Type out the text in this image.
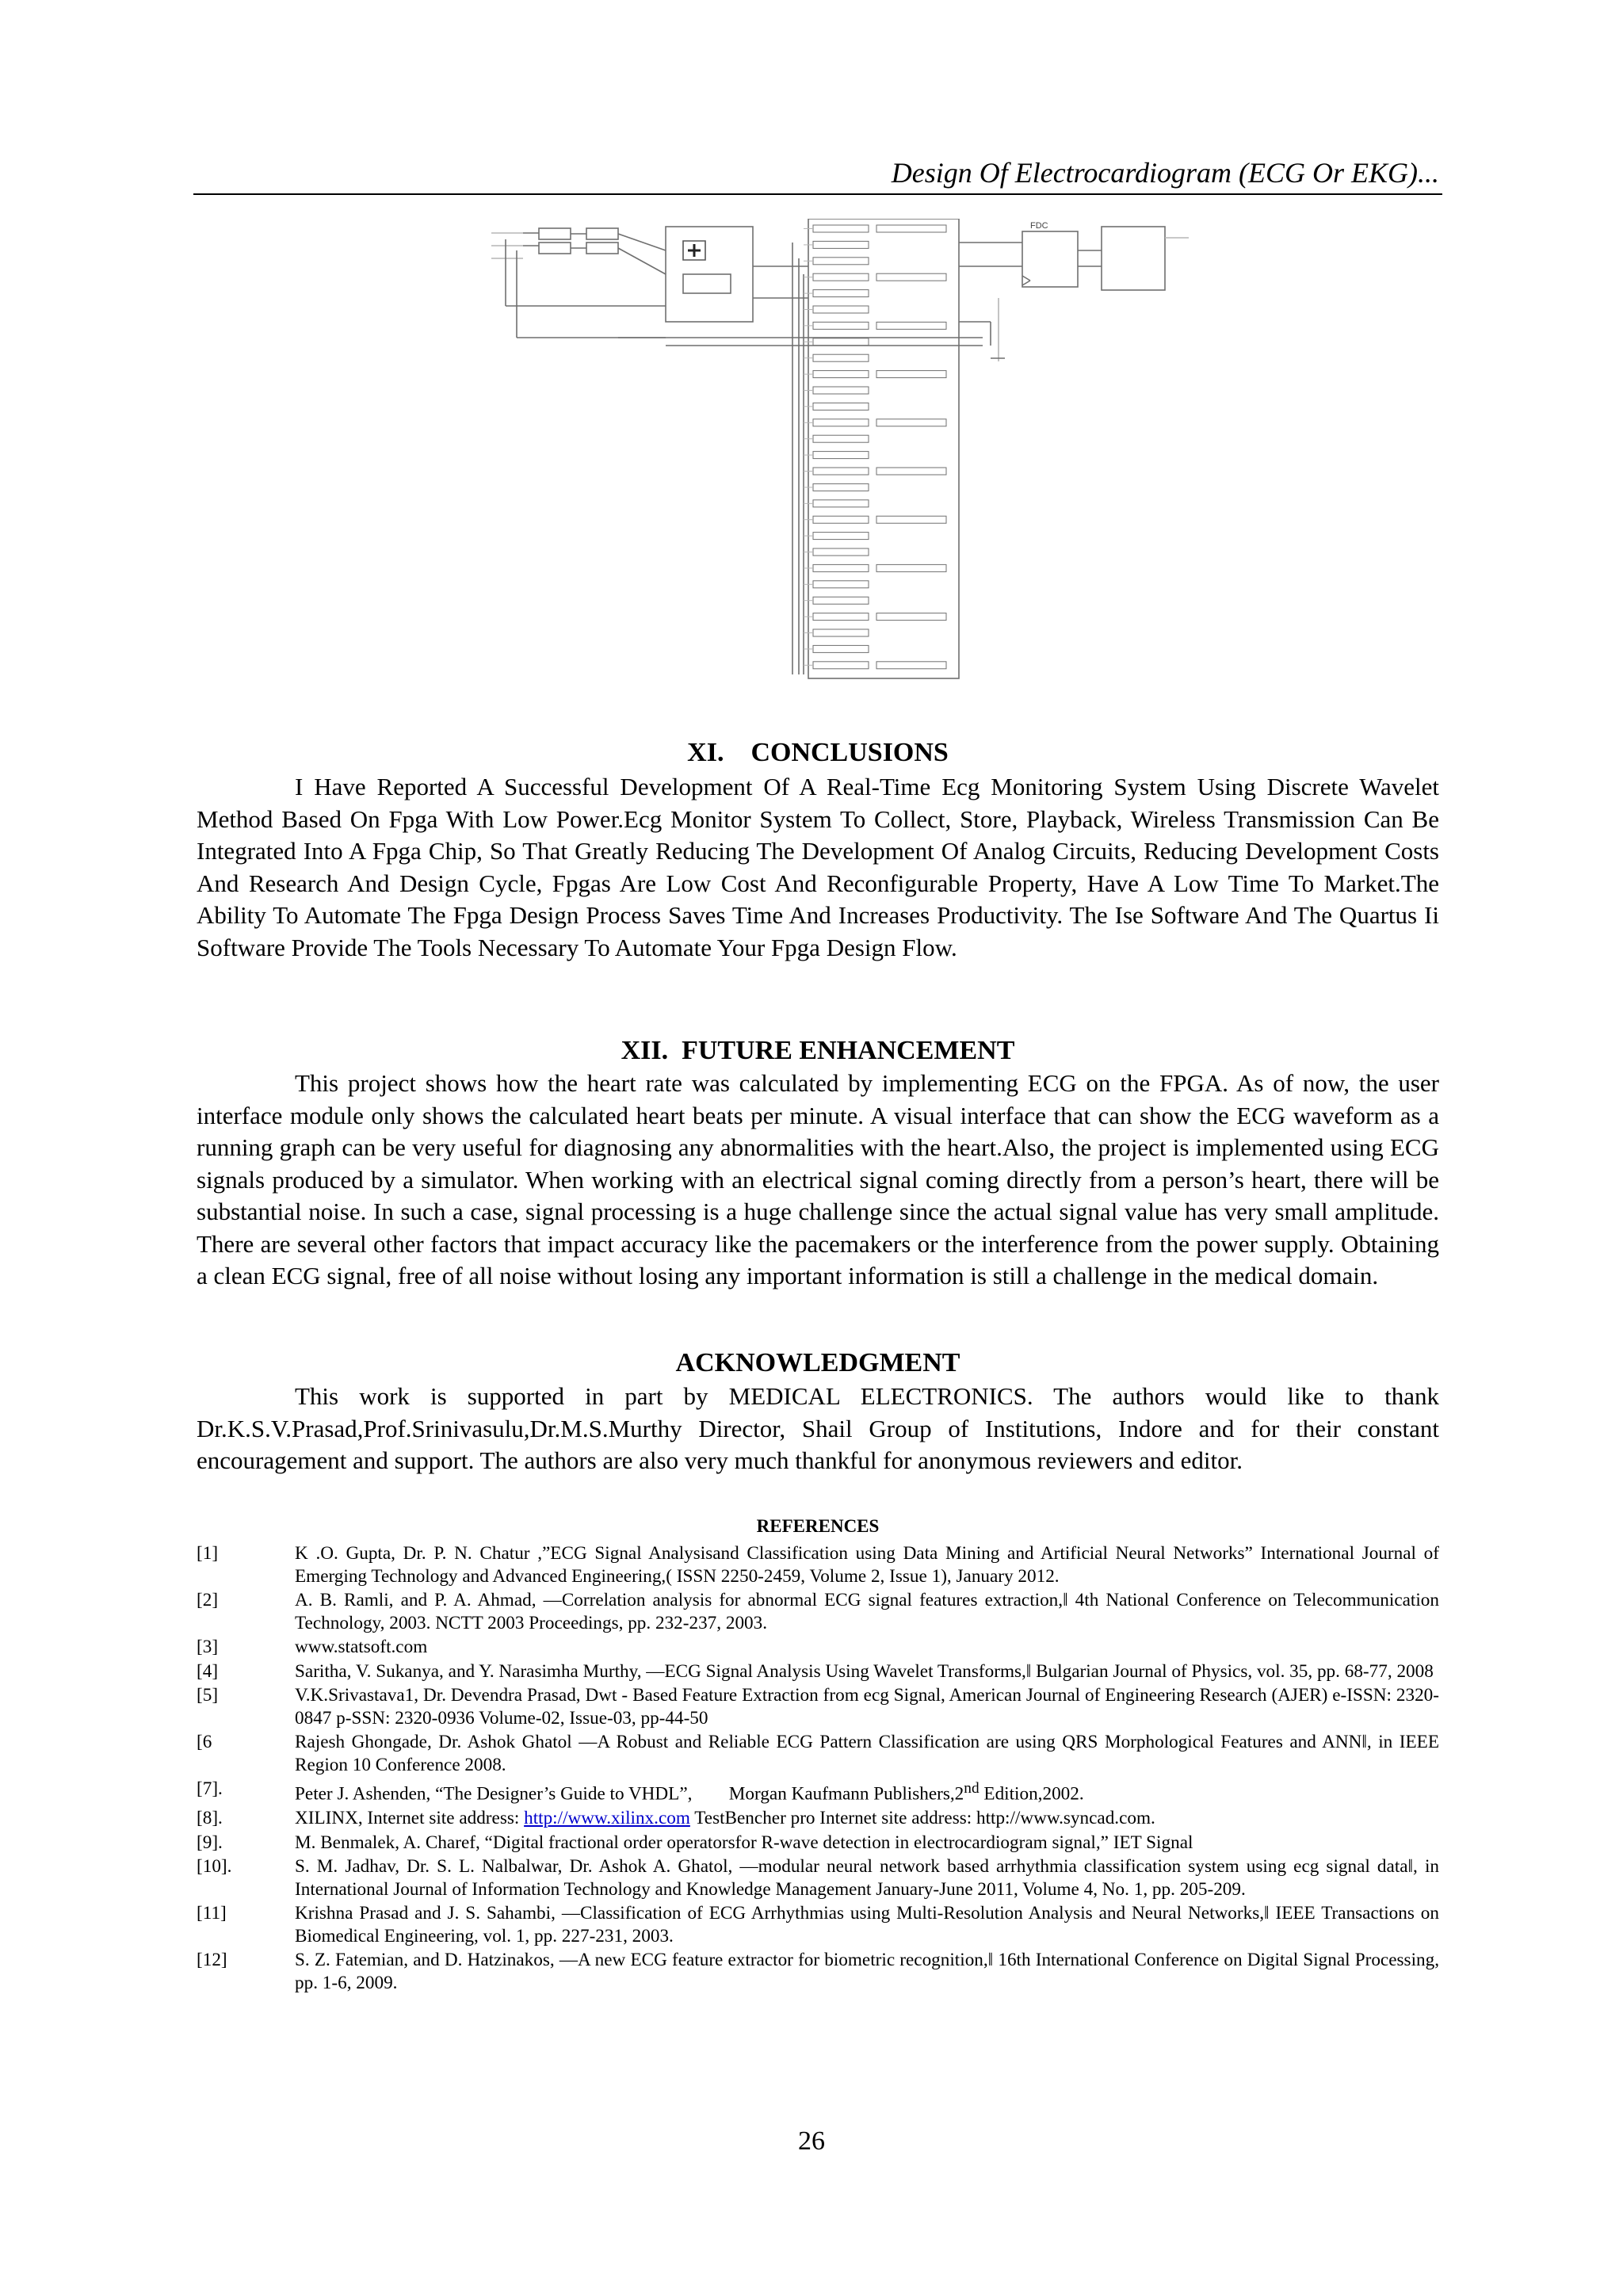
Design Of Electrocardiogram (ECG Or EKG)...
FDC
XI. CONCLUSIONS

I Have Reported A Successful Development Of A Real-Time Ecg Monitoring System Using Discrete Wavelet Method Based On Fpga With Low Power.Ecg Monitor System To Collect, Store, Playback, Wireless Transmission Can Be Integrated Into A Fpga Chip, So That Greatly Reducing The Development Of Analog Circuits, Reducing Development Costs And Research And Design Cycle, Fpgas Are Low Cost And Reconfigurable Property, Have A Low Time To Market.The Ability To Automate The Fpga Design Process Saves Time And Increases Productivity. The Ise Software And The Quartus Ii Software Provide The Tools Necessary To Automate Your Fpga Design Flow.

XII. FUTURE ENHANCEMENT

This project shows how the heart rate was calculated by implementing ECG on the FPGA. As of now, the user interface module only shows the calculated heart beats per minute. A visual interface that can show the ECG waveform as a running graph can be very useful for diagnosing any abnormalities with the heart.Also, the project is implemented using ECG signals produced by a simulator. When working with an electrical signal coming directly from a person’s heart, there will be substantial noise. In such a case, signal processing is a huge challenge since the actual signal value has very small amplitude. There are several other factors that impact accuracy like the pacemakers or the interference from the power supply. Obtaining a clean ECG signal, free of all noise without losing any important information is still a challenge in the medical domain.

ACKNOWLEDGMENT

This work is supported in part by MEDICAL ELECTRONICS. The authors would like to thank Dr.K.S.V.Prasad,Prof.Srinivasulu,Dr.M.S.Murthy Director, Shail Group of Institutions, Indore and for their constant encouragement and support. The authors are also very much thankful for anonymous reviewers and editor.

REFERENCES
[1]	K .O. Gupta, Dr. P. N. Chatur ,”ECG Signal Analysisand Classification using Data Mining and Artificial Neural Networks” International Journal of Emerging Technology and Advanced Engineering,( ISSN 2250-2459, Volume 2, Issue 1), January 2012.
[2]	A. B. Ramli, and P. A. Ahmad, ―Correlation analysis for abnormal ECG signal features extraction,‖ 4th National Conference on Telecommunication Technology, 2003. NCTT 2003 Proceedings, pp. 232-237, 2003.
[3]	www.statsoft.com
[4]	Saritha, V. Sukanya, and Y. Narasimha Murthy, ―ECG Signal Analysis Using Wavelet Transforms,‖ Bulgarian Journal of Physics, vol. 35, pp. 68-77, 2008
[5]	V.K.Srivastava1, Dr. Devendra Prasad, Dwt - Based Feature Extraction from ecg Signal, American Journal of Engineering Research (AJER) e-ISSN: 2320-0847 p-SSN: 2320-0936 Volume-02, Issue-03, pp-44-50
[6	Rajesh Ghongade, Dr. Ashok Ghatol ―A Robust and Reliable ECG Pattern Classification are using QRS Morphological Features and ANN‖, in IEEE Region 10 Conference 2008.
[7].	Peter J. Ashenden, “The Designer’s Guide to VHDL”,  Morgan Kaufmann Publishers,2nd Edition,2002.
[8].	XILINX, Internet site address: http://www.xilinx.com TestBencher pro Internet site address: http://www.syncad.com.
[9].	M. Benmalek, A. Charef, “Digital fractional order operatorsfor R-wave detection in electrocardiogram signal,” IET Signal
[10].	S. M. Jadhav, Dr. S. L. Nalbalwar, Dr. Ashok A. Ghatol, ―modular neural network based arrhythmia classification system using ecg signal data‖, in International Journal of Information Technology and Knowledge Management January-June 2011, Volume 4, No. 1, pp. 205-209.
[11]	Krishna Prasad and J. S. Sahambi, ―Classification of ECG Arrhythmias using Multi-Resolution Analysis and Neural Networks,‖ IEEE Transactions on Biomedical Engineering, vol. 1, pp. 227-231, 2003.
[12]	S. Z. Fatemian, and D. Hatzinakos, ―A new ECG feature extractor for biometric recognition,‖ 16th International Conference on Digital Signal Processing, pp. 1-6, 2009.
26
